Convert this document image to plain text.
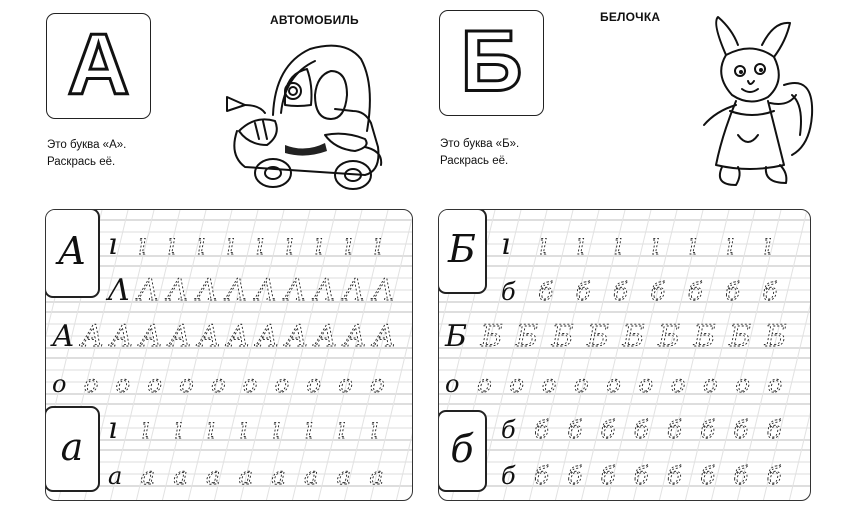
А	АВТОМОБИЛЬ
Это буква «А».
Раскрась её.
Б	БЕЛОЧКА
Это буква «Б».
Раскрась её.
ı ı ı ı ı ı ı ı ı ı
Λ Λ Λ Λ Λ Λ Λ Λ Λ Λ
А А А А А А А А А А А А
о о о о о о о о о о о
ı ı ı ı ı ı ı ı ı
а а а а а а а а а
А
а
ı ı ı ı ı ı ı ı
б б б б б б б б
Б Б Б Б Б Б Б Б Б Б
о о о о о о о о о о о
б б б б б б б б б
б б б б б б б б б
Б
б
